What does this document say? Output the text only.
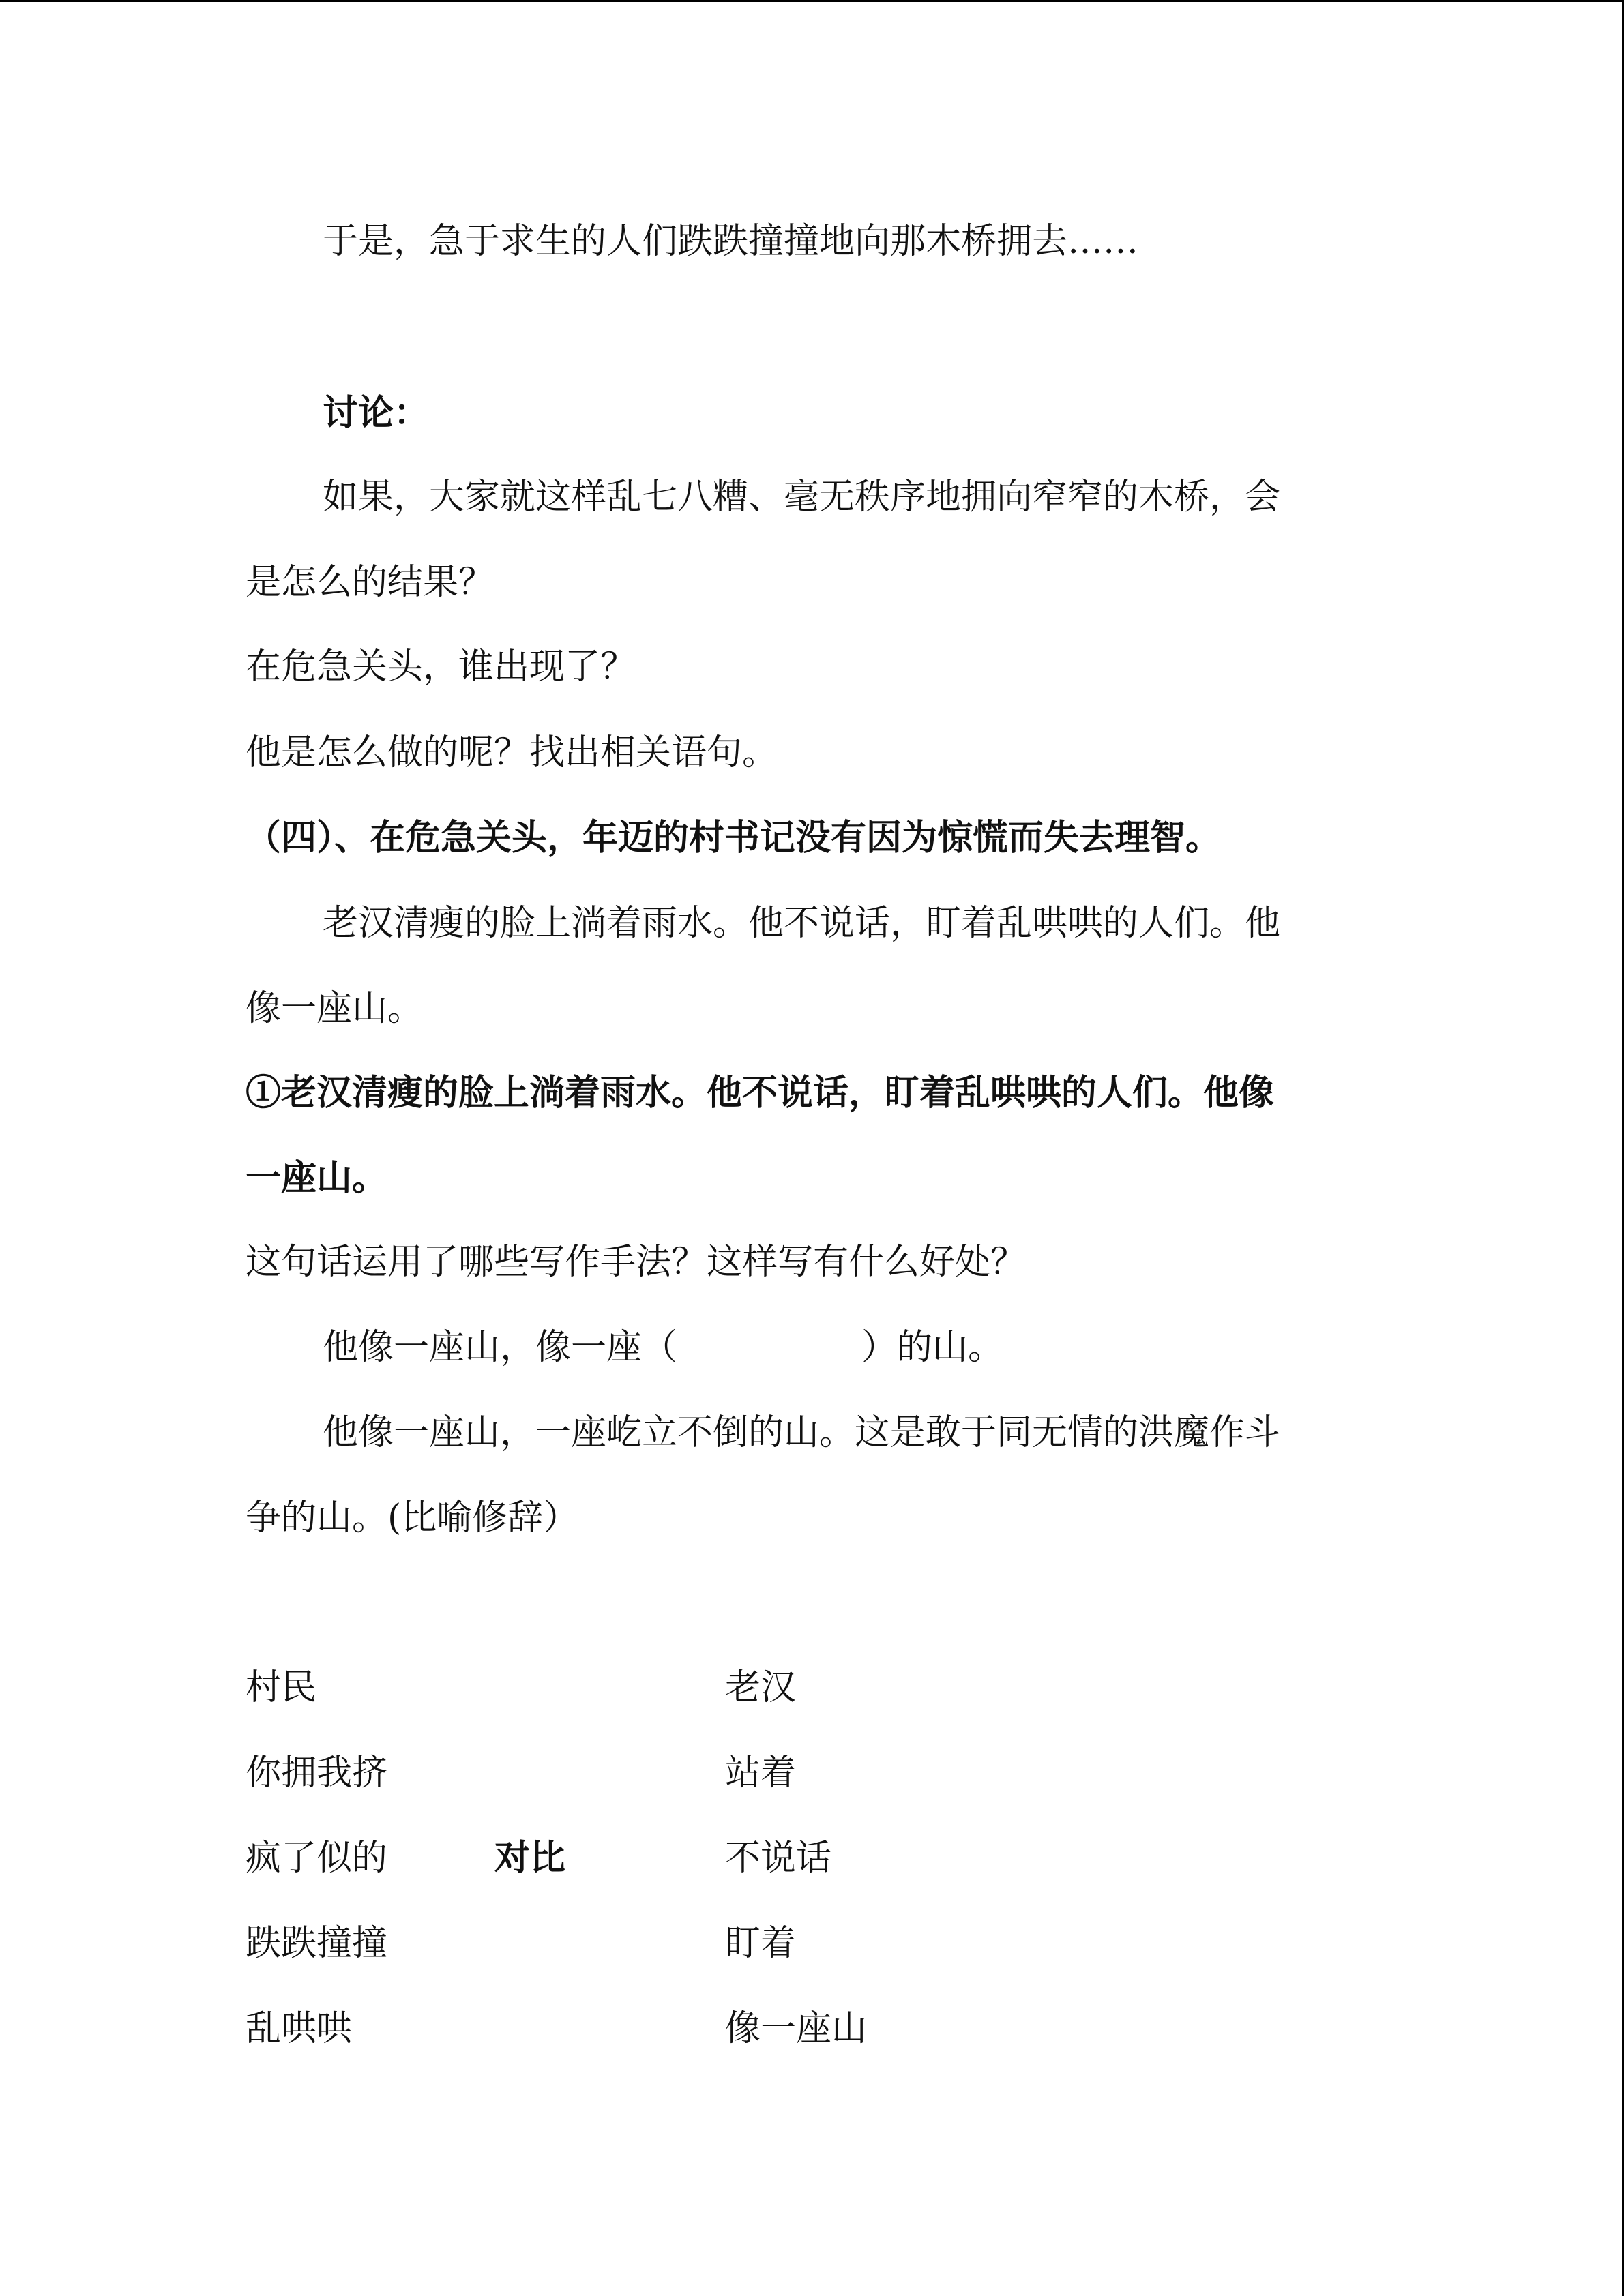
于是，急于求生的人们跌跌撞撞地向那木桥拥去……
讨论：
如果，大家就这样乱七八糟、毫无秩序地拥向窄窄的木桥，会
是怎么的结果？
在危急关头，谁出现了？
他是怎么做的呢？找出相关语句。
（四）、在危急关头，年迈的村书记没有因为惊慌而失去理智。
老汉清瘦的脸上淌着雨水。他不说话，盯着乱哄哄的人们。他
像一座山。
①老汉清瘦的脸上淌着雨水。他不说话，盯着乱哄哄的人们。他像
一座山。
这句话运用了哪些写作手法？这样写有什么好处？
他像一座山，像一座（	）的山。
他像一座山，一座屹立不倒的山。这是敢于同无情的洪魔作斗
争的山。(比喻修辞）
村民	老汉
你拥我挤	站着
疯了似的	对比	不说话
跌跌撞撞	盯着
乱哄哄	像一座山
